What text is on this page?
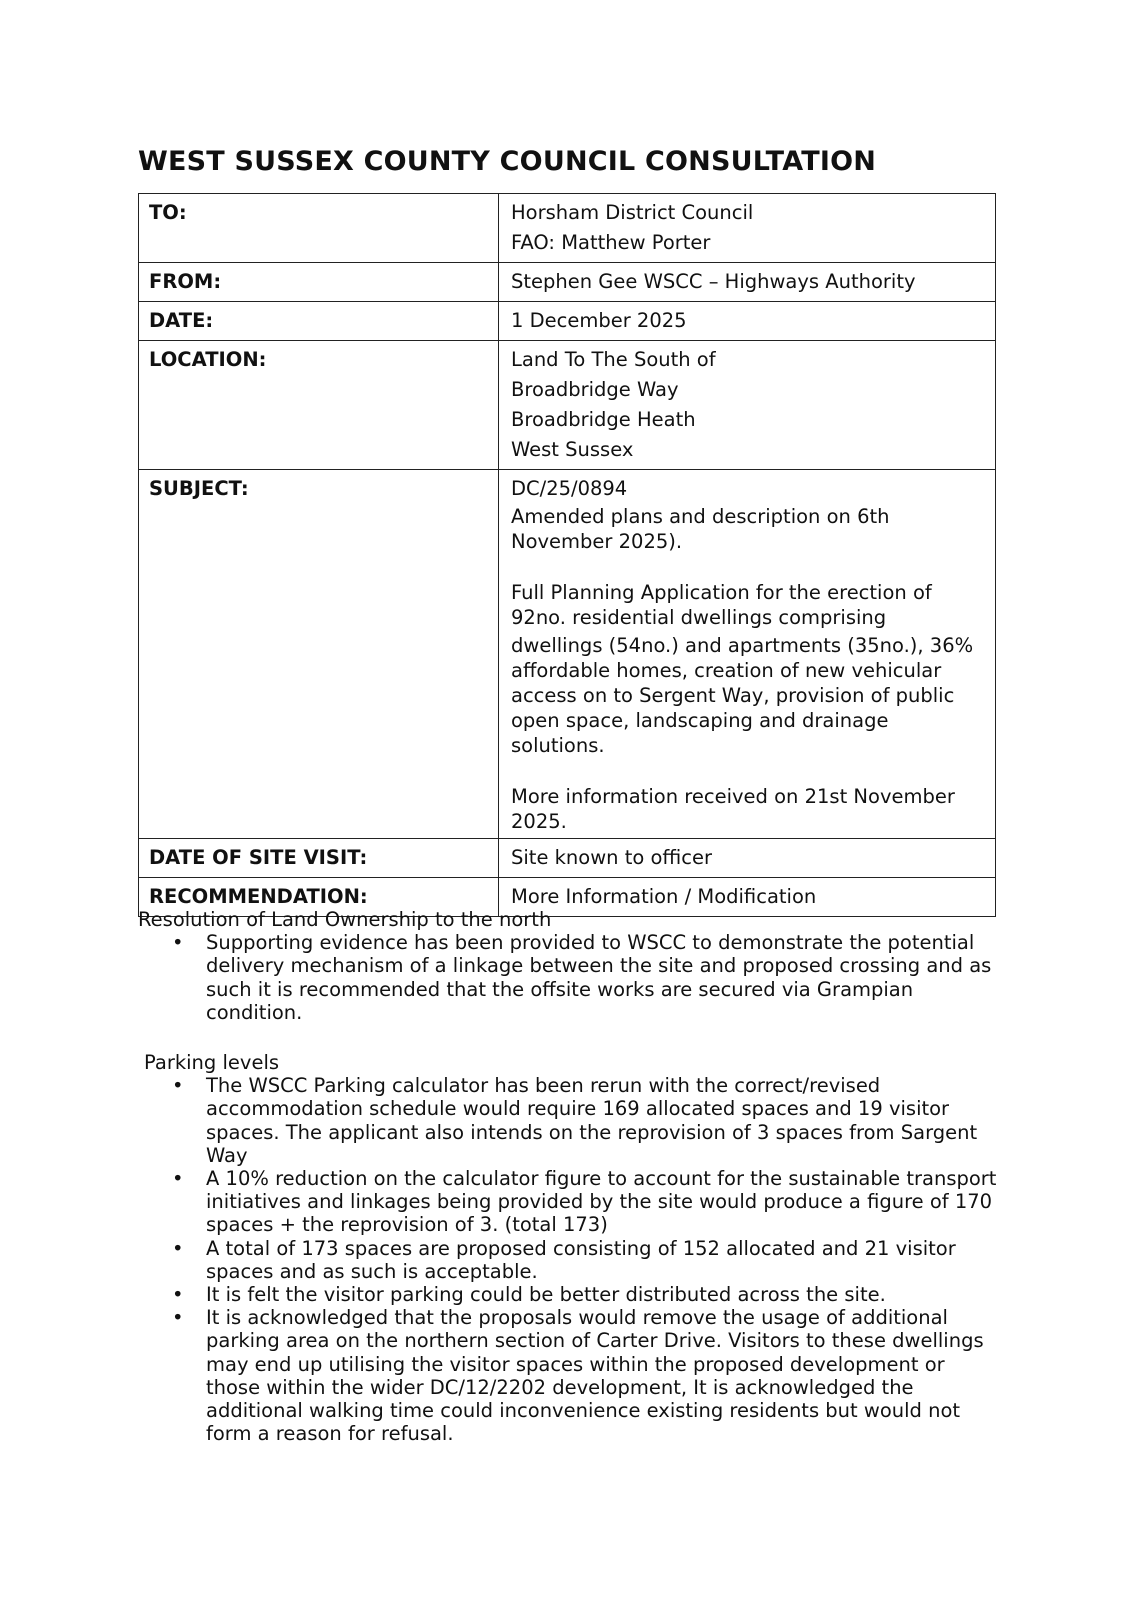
WEST SUSSEX COUNTY COUNCIL CONSULTATION
TO:	Horsham District Council
FAO: Matthew Porter

FROM:	Stephen Gee WSCC – Highways Authority
DATE:	1 December 2025
LOCATION:	Land To The South of
Broadbridge Way
Broadbridge Heath
West Sussex

SUBJECT:	DC/25/0894
Amended plans and description on 6th November 2025).
Full Planning Application for the erection of 92no. residential dwellings comprising
dwellings (54no.) and apartments (35no.), 36% affordable homes, creation of new vehicular access on to Sergent Way, provision of public open space, landscaping and drainage solutions.
More information received on 21st November 2025.

DATE OF SITE VISIT:	Site known to officer
RECOMMENDATION:	More Information / Modification

Resolution of Land Ownership to the north

• Supporting evidence has been provided to WSCC to demonstrate the potential delivery mechanism of a linkage between the site and proposed crossing and as such it is recommended that the offsite works are secured via Grampian condition.

Parking levels

• The WSCC Parking calculator has been rerun with the correct/revised accommodation schedule would require 169 allocated spaces and 19 visitor spaces. The applicant also intends on the reprovision of 3 spaces from Sargent Way
• A 10% reduction on the calculator figure to account for the sustainable transport initiatives and linkages being provided by the site would produce a figure of 170 spaces + the reprovision of 3. (total 173)
• A total of 173 spaces are proposed consisting of 152 allocated and 21 visitor spaces and as such is acceptable.
• It is felt the visitor parking could be better distributed across the site.
• It is acknowledged that the proposals would remove the usage of additional parking area on the northern section of Carter Drive. Visitors to these dwellings may end up utilising the visitor spaces within the proposed development or those within the wider DC/12/2202 development, It is acknowledged the additional walking time could inconvenience existing residents but would not form a reason for refusal.
